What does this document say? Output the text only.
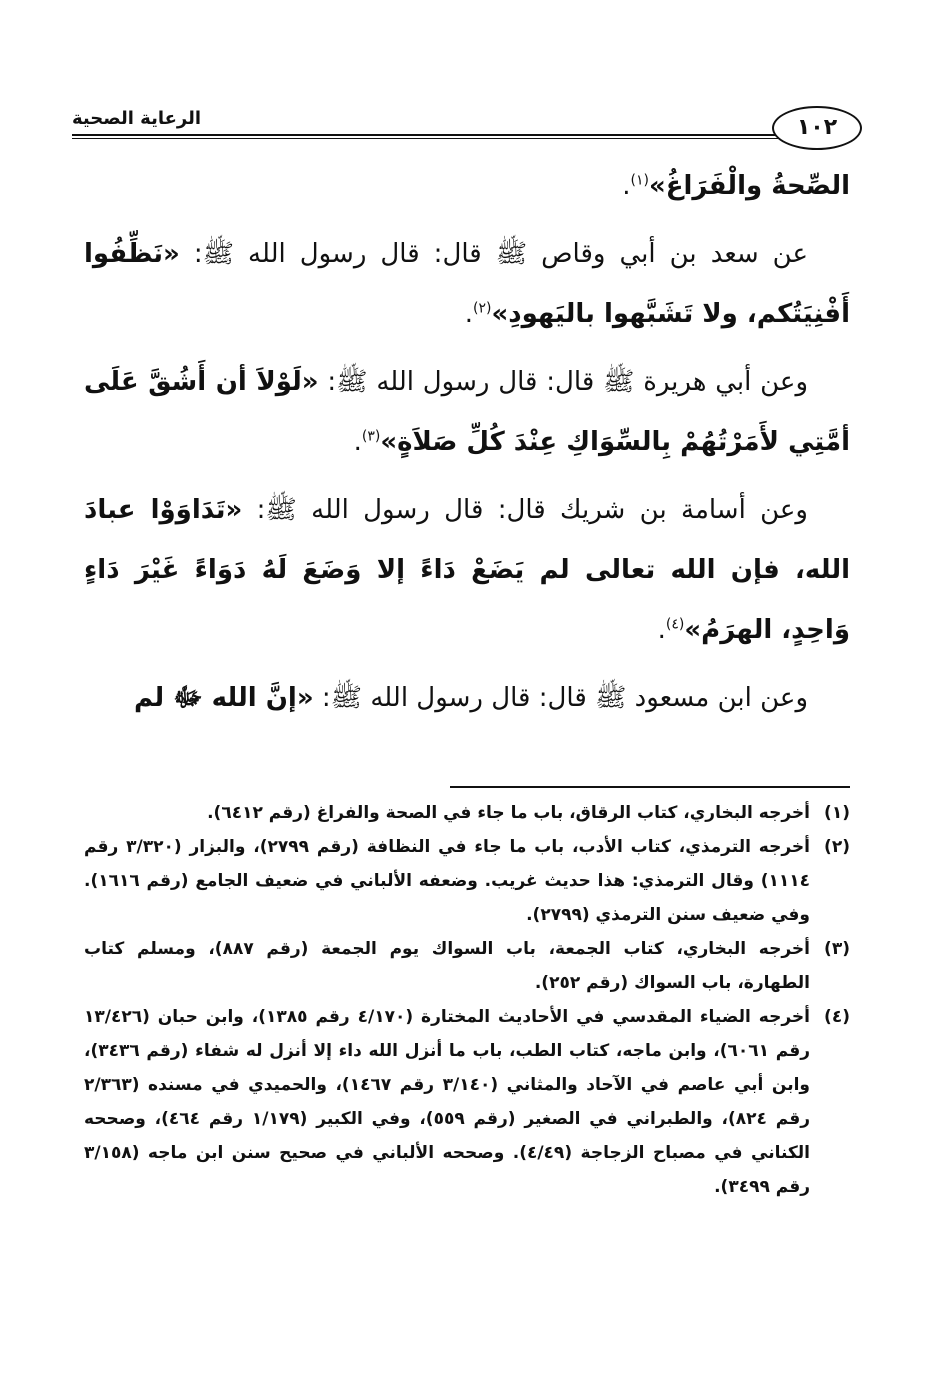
الرعاية الصحية	١٠٢

الصِّحةُ والْفَرَاغُ»$^{(١)}$.

عن سعد بن أبي وقاص ﷺ قال: قال رسول الله ﷺ: «نَظِّفُوا أَفْنِيَتُكم، ولا تَشَبَّهوا باليَهودِ»$^{(٢)}$.

وعن أبي هريرة ﷺ قال: قال رسول الله ﷺ: «لَوْلاَ أن أَشُقَّ عَلَى أمَّتِي لأَمَرْتُهُمْ بِالسِّوَاكِ عِنْدَ كُلِّ صَلاَةٍ»$^{(٣)}$.

وعن أسامة بن شريك قال: قال رسول الله ﷺ: «تَدَاوَوْا عبادَ الله، فإن الله تعالى لم يَضَعْ دَاءً إلا وَضَعَ لَهُ دَوَاءً غَيْرَ دَاءٍ وَاحِدٍ، الهرَمُ»$^{(٤)}$.

وعن ابن مسعود ﷺ قال: قال رسول الله ﷺ: «إنَّ الله ﷻ لم

(١)
أخرجه البخاري، كتاب الرقاق، باب ما جاء في الصحة والفراغ (رقم ٦٤١٢).
(٢)
أخرجه الترمذي، كتاب الأدب، باب ما جاء في النظافة (رقم ٢٧٩٩)، والبزار (٣/٣٢٠ رقم ١١١٤) وقال الترمذي: هذا حديث غريب. وضعفه الألباني في ضعيف الجامع (رقم ١٦١٦). وفي ضعيف سنن الترمذي (٢٧٩٩).
(٣)
أخرجه البخاري، كتاب الجمعة، باب السواك يوم الجمعة (رقم ٨٨٧)، ومسلم كتاب الطهارة، باب السواك (رقم ٢٥٢).
(٤)
أخرجه الضياء المقدسي في الأحاديث المختارة (٤/١٧٠ رقم ١٣٨٥)، وابن حبان (١٣/٤٢٦ رقم ٦٠٦١)، وابن ماجه، كتاب الطب، باب ما أنزل الله داء إلا أنزل له شفاء (رقم ٣٤٣٦)، وابن أبي عاصم في الآحاد والمثاني (٣/١٤٠ رقم ١٤٦٧)، والحميدي في مسنده (٢/٣٦٣ رقم ٨٢٤)، والطبراني في الصغير (رقم ٥٥٩)، وفي الكبير (١/١٧٩ رقم ٤٦٤)، وصححه الكناني في مصباح الزجاجة (٤/٤٩). وصححه الألباني في صحيح سنن ابن ماجه (٣/١٥٨ رقم ٣٤٩٩).
